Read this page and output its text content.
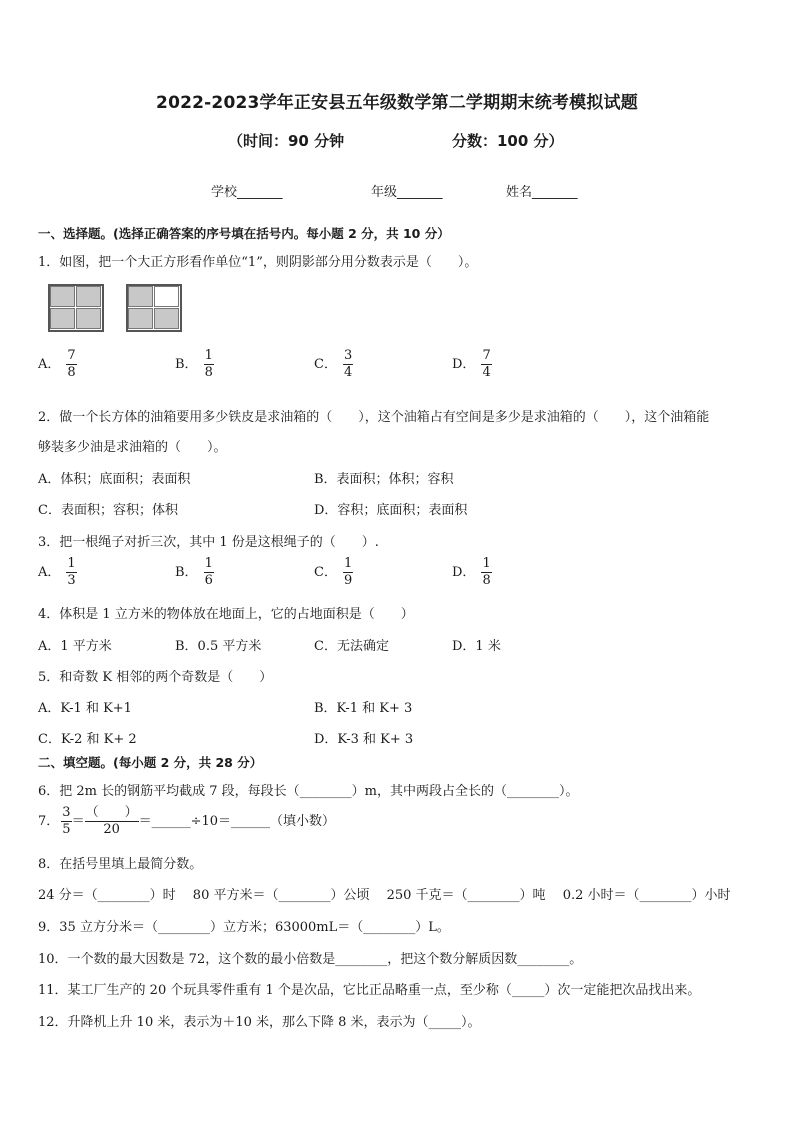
2022-2023学年正安县五年级数学第二学期期末统考模拟试题
（时间：90 分钟	分数：100 分）
学校_______	年级_______	姓名_______
一、选择题。(选择正确答案的序号填在括号内。每小题 2 分，共 10 分）
1．如图，把一个大正方形看作单位“1”，则阴影部分用分数表示是（　　）。
A． $\frac{7}{8}$	B． $\frac{1}{8}$	C． $\frac{3}{4}$	D． $\frac{7}{4}$
2．做一个长方体的油箱要用多少铁皮是求油箱的（　　），这个油箱占有空间是多少是求油箱的（　　），这个油箱能
够装多少油是求油箱的（　　）。
A．体积；底面积；表面积	B．表面积；体积；容积
C．表面积；容积；体积	D．容积；底面积；表面积
3．把一根绳子对折三次，其中 1 份是这根绳子的（　　）.
A． $\frac{1}{3}$	B． $\frac{1}{6}$	C． $\frac{1}{9}$	D． $\frac{1}{8}$
4．体积是 1 立方米的物体放在地面上，它的占地面积是（　　）
A．1 平方米	B．0.5 平方米	C．无法确定	D．1 米
5．和奇数 K 相邻的两个奇数是（　　）
A．K-1 和 K+1	B．K-1 和 K+ 3
C．K-2 和 K+ 2	D．K-3 和 K+ 3
二、填空题。(每小题 2 分，共 28 分）
6．把 2m 长的钢筋平均截成 7 段，每段长（________）m，其中两段占全长的（________）。
7． $\frac{3}{5} = \frac{( )}{20}$ ＝______÷10＝______（填小数）
8．在括号里填上最简分数。
24 分＝（________）时　 80 平方米＝（________）公顷　 250 千克＝（________）吨　 0.2 小时＝（________）小时
9．35 立方分米＝（________）立方米；63000mL＝（________）L。
10．一个数的最大因数是 72，这个数的最小倍数是________，把这个数分解质因数________。
11．某工厂生产的 20 个玩具零件重有 1 个是次品，它比正品略重一点，至少称（_____）次一定能把次品找出来。
12．升降机上升 10 米，表示为＋10 米，那么下降 8 米，表示为（_____）。
